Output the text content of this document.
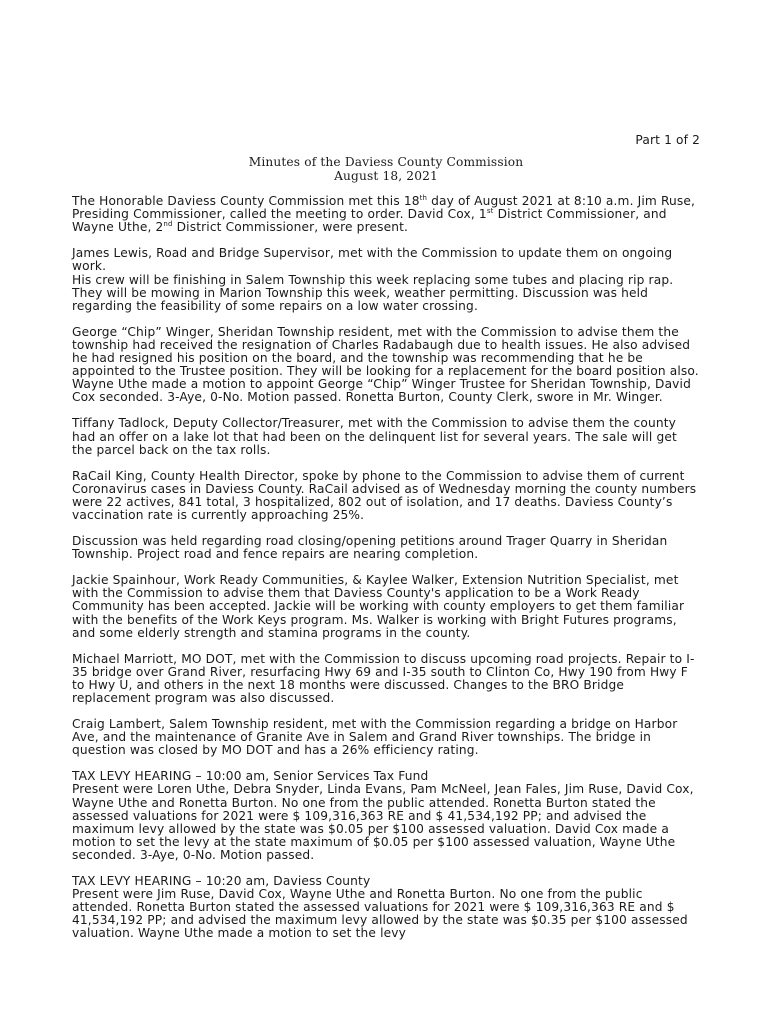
Part 1 of 2
Minutes of the Daviess County Commission
August 18, 2021

The Honorable Daviess County Commission met this 18th day of August 2021 at 8:10 a.m. Jim Ruse, Presiding Commissioner, called the meeting to order. David Cox, 1st District Commissioner, and Wayne Uthe, 2nd District Commissioner, were present.

James Lewis, Road and Bridge Supervisor, met with the Commission to update them on ongoing work.
His crew will be finishing in Salem Township this week replacing some tubes and placing rip rap. They will be mowing in Marion Township this week, weather permitting. Discussion was held regarding the feasibility of some repairs on a low water crossing.

George “Chip” Winger, Sheridan Township resident, met with the Commission to advise them the township had received the resignation of Charles Radabaugh due to health issues. He also advised he had resigned his position on the board, and the township was recommending that he be appointed to the Trustee position. They will be looking for a replacement for the board position also. Wayne Uthe made a motion to appoint George “Chip” Winger Trustee for Sheridan Township, David Cox seconded. 3-Aye, 0-No. Motion passed. Ronetta Burton, County Clerk, swore in Mr. Winger.

Tiffany Tadlock, Deputy Collector/Treasurer, met with the Commission to advise them the county had an offer on a lake lot that had been on the delinquent list for several years. The sale will get the parcel back on the tax rolls.

RaCail King, County Health Director, spoke by phone to the Commission to advise them of current Coronavirus cases in Daviess County. RaCail advised as of Wednesday morning the county numbers were 22 actives, 841 total, 3 hospitalized, 802 out of isolation, and 17 deaths. Daviess County’s vaccination rate is currently approaching 25%.

Discussion was held regarding road closing/opening petitions around Trager Quarry in Sheridan Township. Project road and fence repairs are nearing completion.

Jackie Spainhour, Work Ready Communities, & Kaylee Walker, Extension Nutrition Specialist, met with the Commission to advise them that Daviess County's application to be a Work Ready Community has been accepted. Jackie will be working with county employers to get them familiar with the benefits of the Work Keys program. Ms. Walker is working with Bright Futures programs, and some elderly strength and stamina programs in the county.

Michael Marriott, MO DOT, met with the Commission to discuss upcoming road projects. Repair to I-35 bridge over Grand River, resurfacing Hwy 69 and I-35 south to Clinton Co, Hwy 190 from Hwy F to Hwy U, and others in the next 18 months were discussed. Changes to the BRO Bridge replacement program was also discussed.

Craig Lambert, Salem Township resident, met with the Commission regarding a bridge on Harbor Ave, and the maintenance of Granite Ave in Salem and Grand River townships. The bridge in question was closed by MO DOT and has a 26% efficiency rating.

TAX LEVY HEARING – 10:00 am, Senior Services Tax Fund
Present were Loren Uthe, Debra Snyder, Linda Evans, Pam McNeel, Jean Fales, Jim Ruse, David Cox, Wayne Uthe and Ronetta Burton. No one from the public attended. Ronetta Burton stated the assessed valuations for 2021 were $ 109,316,363 RE and $ 41,534,192 PP; and advised the maximum levy allowed by the state was $0.05 per $100 assessed valuation. David Cox made a motion to set the levy at the state maximum of $0.05 per $100 assessed valuation, Wayne Uthe seconded. 3-Aye, 0-No. Motion passed.

TAX LEVY HEARING – 10:20 am, Daviess County
Present were Jim Ruse, David Cox, Wayne Uthe and Ronetta Burton. No one from the public attended. Ronetta Burton stated the assessed valuations for 2021 were $ 109,316,363 RE and $ 41,534,192 PP; and advised the maximum levy allowed by the state was $0.35 per $100 assessed valuation. Wayne Uthe made a motion to set the levy
